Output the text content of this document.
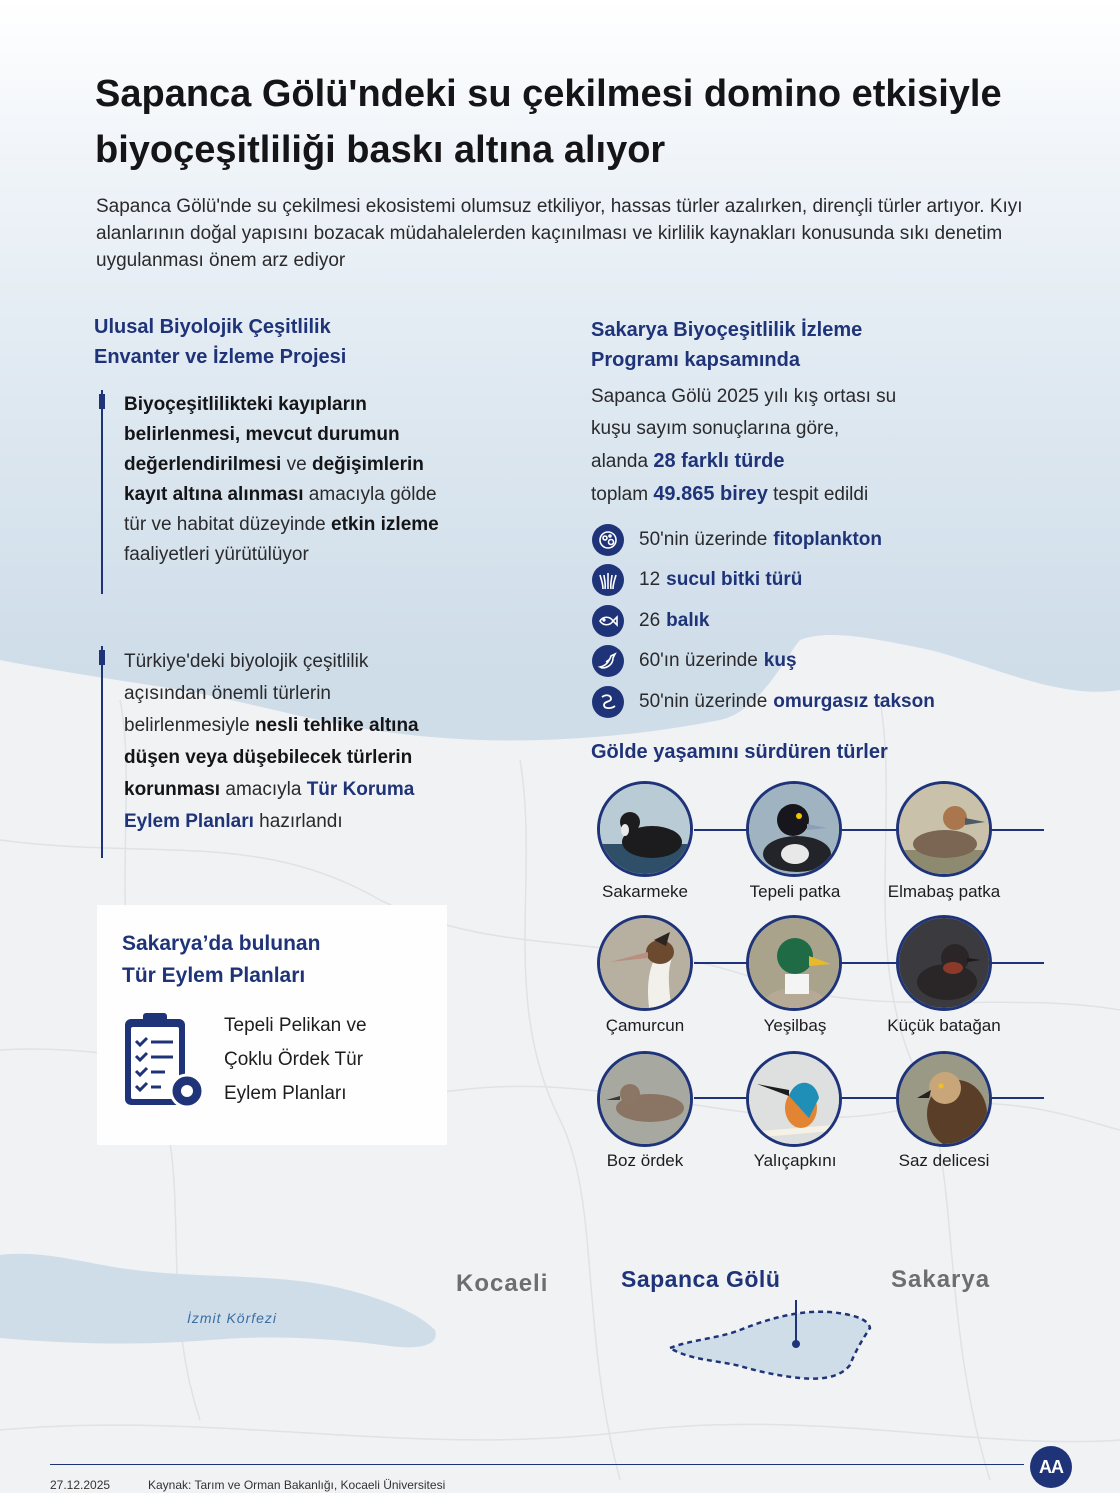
Sapanca Gölü'ndeki su çekilmesi domino etkisiyle biyoçeşitliliği baskı altına alıyor

Sapanca Gölü'nde su çekilmesi ekosistemi olumsuz etkiliyor, hassas türler azalırken, dirençli türler artıyor. Kıyı alanlarının doğal yapısını bozacak müdahalelerden kaçınılması ve kirlilik kaynakları konusunda sıkı denetim uygulanması önem arz ediyor

Ulusal Biyolojik Çeşitlilik
Envanter ve İzleme Projesi
Biyoçeşitlilikteki kayıpların belirlenmesi, mevcut durumun değerlendirilmesi ve değişimlerin kayıt altına alınması amacıyla gölde tür ve habitat düzeyinde etkin izleme faaliyetleri yürütülüyor
Türkiye'deki biyolojik çeşitlilik açısından önemli türlerin belirlenmesiyle nesli tehlike altına düşen veya düşebilecek türlerin korunması amacıyla Tür Koruma Eylem Planları hazırlandı
Sakarya’da bulunan
Tür Eylem Planları
Tepeli Pelikan ve
Çoklu Ördek Tür
Eylem Planları
Sakarya Biyoçeşitlilik İzleme
Programı kapsamında
Sapanca Gölü 2025 yılı kış ortası su
kuşu sayım sonuçlarına göre,
alanda 28 farklı türde
toplam 49.865 birey tespit edildi
50'nin üzerinde fitoplankton
12 sucul bitki türü
26 balık
60'ın üzerinde kuş
50'nin üzerinde omurgasız takson
Gölde yaşamını sürdüren türler
Sakarmeke	Tepeli patka	Elmabaş patka
Çamurcun	Yeşilbaş	Küçük batağan
Boz ördek	Yalıçapkını	Saz delicesi
Kocaeli	Sakarya
Sapanca Gölü
İzmit Körfezi
27.12.2025	Kaynak: Tarım ve Orman Bakanlığı, Kocaeli Üniversitesi
AA
